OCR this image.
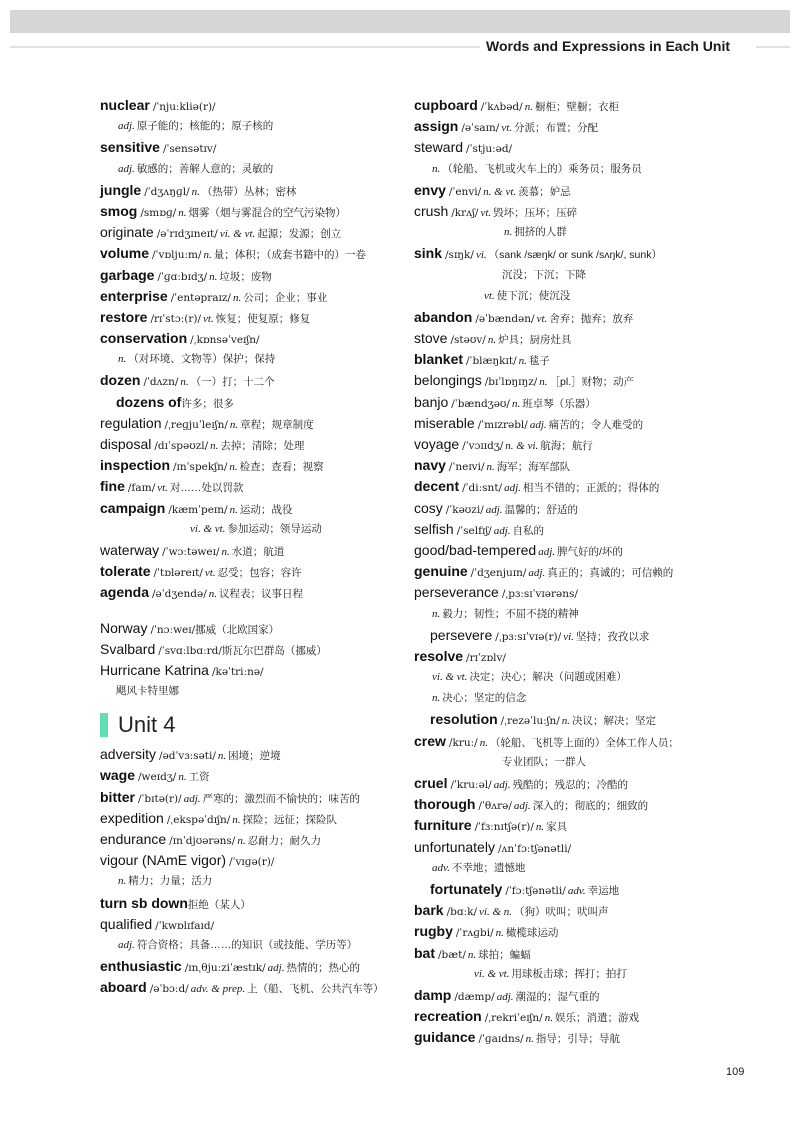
Words and Expressions in Each Unit
nuclear /ˈnjuːkliə(r)/
adj. 原子能的；核能的；原子核的
sensitive /ˈsensətɪv/
adj. 敏感的；善解人意的；灵敏的
jungle /ˈdʒʌŋɡl/ n. （热带）丛林；密林
smog /smɒɡ/ n. 烟雾（烟与雾混合的空气污染物）
originate /əˈrɪdʒɪneɪt/ vi. & vt. 起源；发源；创立
volume /ˈvɒljuːm/ n. 量；体积；（成套书籍中的）一卷
garbage /ˈɡɑːbɪdʒ/ n. 垃圾；废物
enterprise /ˈentəpraɪz/ n. 公司；企业；事业
restore /rɪˈstɔː(r)/ vt. 恢复；使复原；修复
conservation /ˌkɒnsəˈveɪʃn/
n. （对环境、文物等）保护；保持
dozen /ˈdʌzn/ n. （一）打；十二个
dozens of许多；很多
regulation /ˌreɡjuˈleɪʃn/ n. 章程；规章制度
disposal /dɪˈspəʊzl/ n. 去掉；清除；处理
inspection /ɪnˈspekʃn/ n. 检查；查看；视察
fine /faɪn/ vt. 对……处以罚款
campaign /kæmˈpeɪn/ n. 运动；战役
vi. & vt. 参加运动；领导运动
waterway /ˈwɔːtəweɪ/ n. 水道；航道
tolerate /ˈtɒləreɪt/ vt. 忍受；包容；容许
agenda /əˈdʒendə/ n. 议程表；议事日程
Norway /ˈnɔːweɪ/挪威（北欧国家）
Svalbard /ˈsvɑːlbɑːrd/斯瓦尔巴群岛（挪威）
Hurricane Katrina /kəˈtriːnə/
飓风卡特里娜
Unit 4
adversity /ədˈvɜːsəti/ n. 困境；逆境
wage /weɪdʒ/ n. 工资
bitter /ˈbɪtə(r)/ adj. 严寒的；激烈而不愉快的；味苦的
expedition /ˌekspəˈdɪʃn/ n. 探险；远征；探险队
endurance /ɪnˈdjʊərəns/ n. 忍耐力；耐久力
vigour (NAmE vigor) /ˈvɪɡə(r)/
n. 精力；力量；活力
turn sb down拒绝（某人）
qualified /ˈkwɒlɪfaɪd/
adj. 符合资格；具备……的知识（或技能、学历等）
enthusiastic /ɪnˌθjuːziˈæstɪk/ adj. 热情的；热心的
aboard /əˈbɔːd/ adv. & prep. 上（船、飞机、公共汽车等）
cupboard /ˈkʌbəd/ n. 橱柜；壁橱；衣柜
assign /əˈsaɪn/ vt. 分派；布置；分配
steward /ˈstjuːəd/
n. （轮船、飞机或火车上的）乘务员；服务员
envy /ˈenvi/ n. & vt. 羡慕；妒忌
crush /krʌʃ/ vt. 毁坏；压坏；压碎
n. 拥挤的人群
sink /sɪŋk/ vi. （sank /sæŋk/ or sunk /sʌŋk/, sunk）
沉没；下沉；下降
vt. 使下沉；使沉没
abandon /əˈbændən/ vt. 舍弃；抛弃；放弃
stove /stəʊv/ n. 炉具；厨房灶具
blanket /ˈblæŋkɪt/ n. 毯子
belongings /bɪˈlɒŋɪŋz/ n. ［pl.］财物；动产
banjo /ˈbændʒəʊ/ n. 班卓琴（乐器）
miserable /ˈmɪzrəbl/ adj. 痛苦的；令人难受的
voyage /ˈvɔɪɪdʒ/ n. & vi. 航海；航行
navy /ˈneɪvi/ n. 海军；海军部队
decent /ˈdiːsnt/ adj. 相当不错的；正派的；得体的
cosy /ˈkəʊzi/ adj. 温馨的；舒适的
selfish /ˈselfɪʃ/ adj. 自私的
good/bad-tempered adj. 脾气好的/坏的
genuine /ˈdʒenjuɪn/ adj. 真正的；真诚的；可信赖的
perseverance /ˌpɜːsɪˈvɪərəns/
n. 毅力；韧性；不屈不挠的精神
persevere /ˌpɜːsɪˈvɪə(r)/ vi. 坚持；孜孜以求
resolve /rɪˈzɒlv/
vi. & vt. 决定；决心；解决（问题或困难）
n. 决心；坚定的信念
resolution /ˌrezəˈluːʃn/ n. 决议；解决；坚定
crew /kruː/ n. （轮船、飞机等上面的）全体工作人员；
专业团队；一群人
cruel /ˈkruːəl/ adj. 残酷的；残忍的；冷酷的
thorough /ˈθʌrə/ adj. 深入的；彻底的；细致的
furniture /ˈfɜːnɪtʃə(r)/ n. 家具
unfortunately /ʌnˈfɔːtʃənətli/
adv. 不幸地；遗憾地
fortunately /ˈfɔːtʃənətli/ adv. 幸运地
bark /bɑːk/ vi. & n. （狗）吠叫；吠叫声
rugby /ˈrʌɡbi/ n. 橄榄球运动
bat /bæt/ n. 球拍；蝙蝠
vi. & vt. 用球板击球；挥打；拍打
damp /dæmp/ adj. 潮湿的；湿气重的
recreation /ˌrekriˈeɪʃn/ n. 娱乐；消遣；游戏
guidance /ˈɡaɪdns/ n. 指导；引导；导航
109
